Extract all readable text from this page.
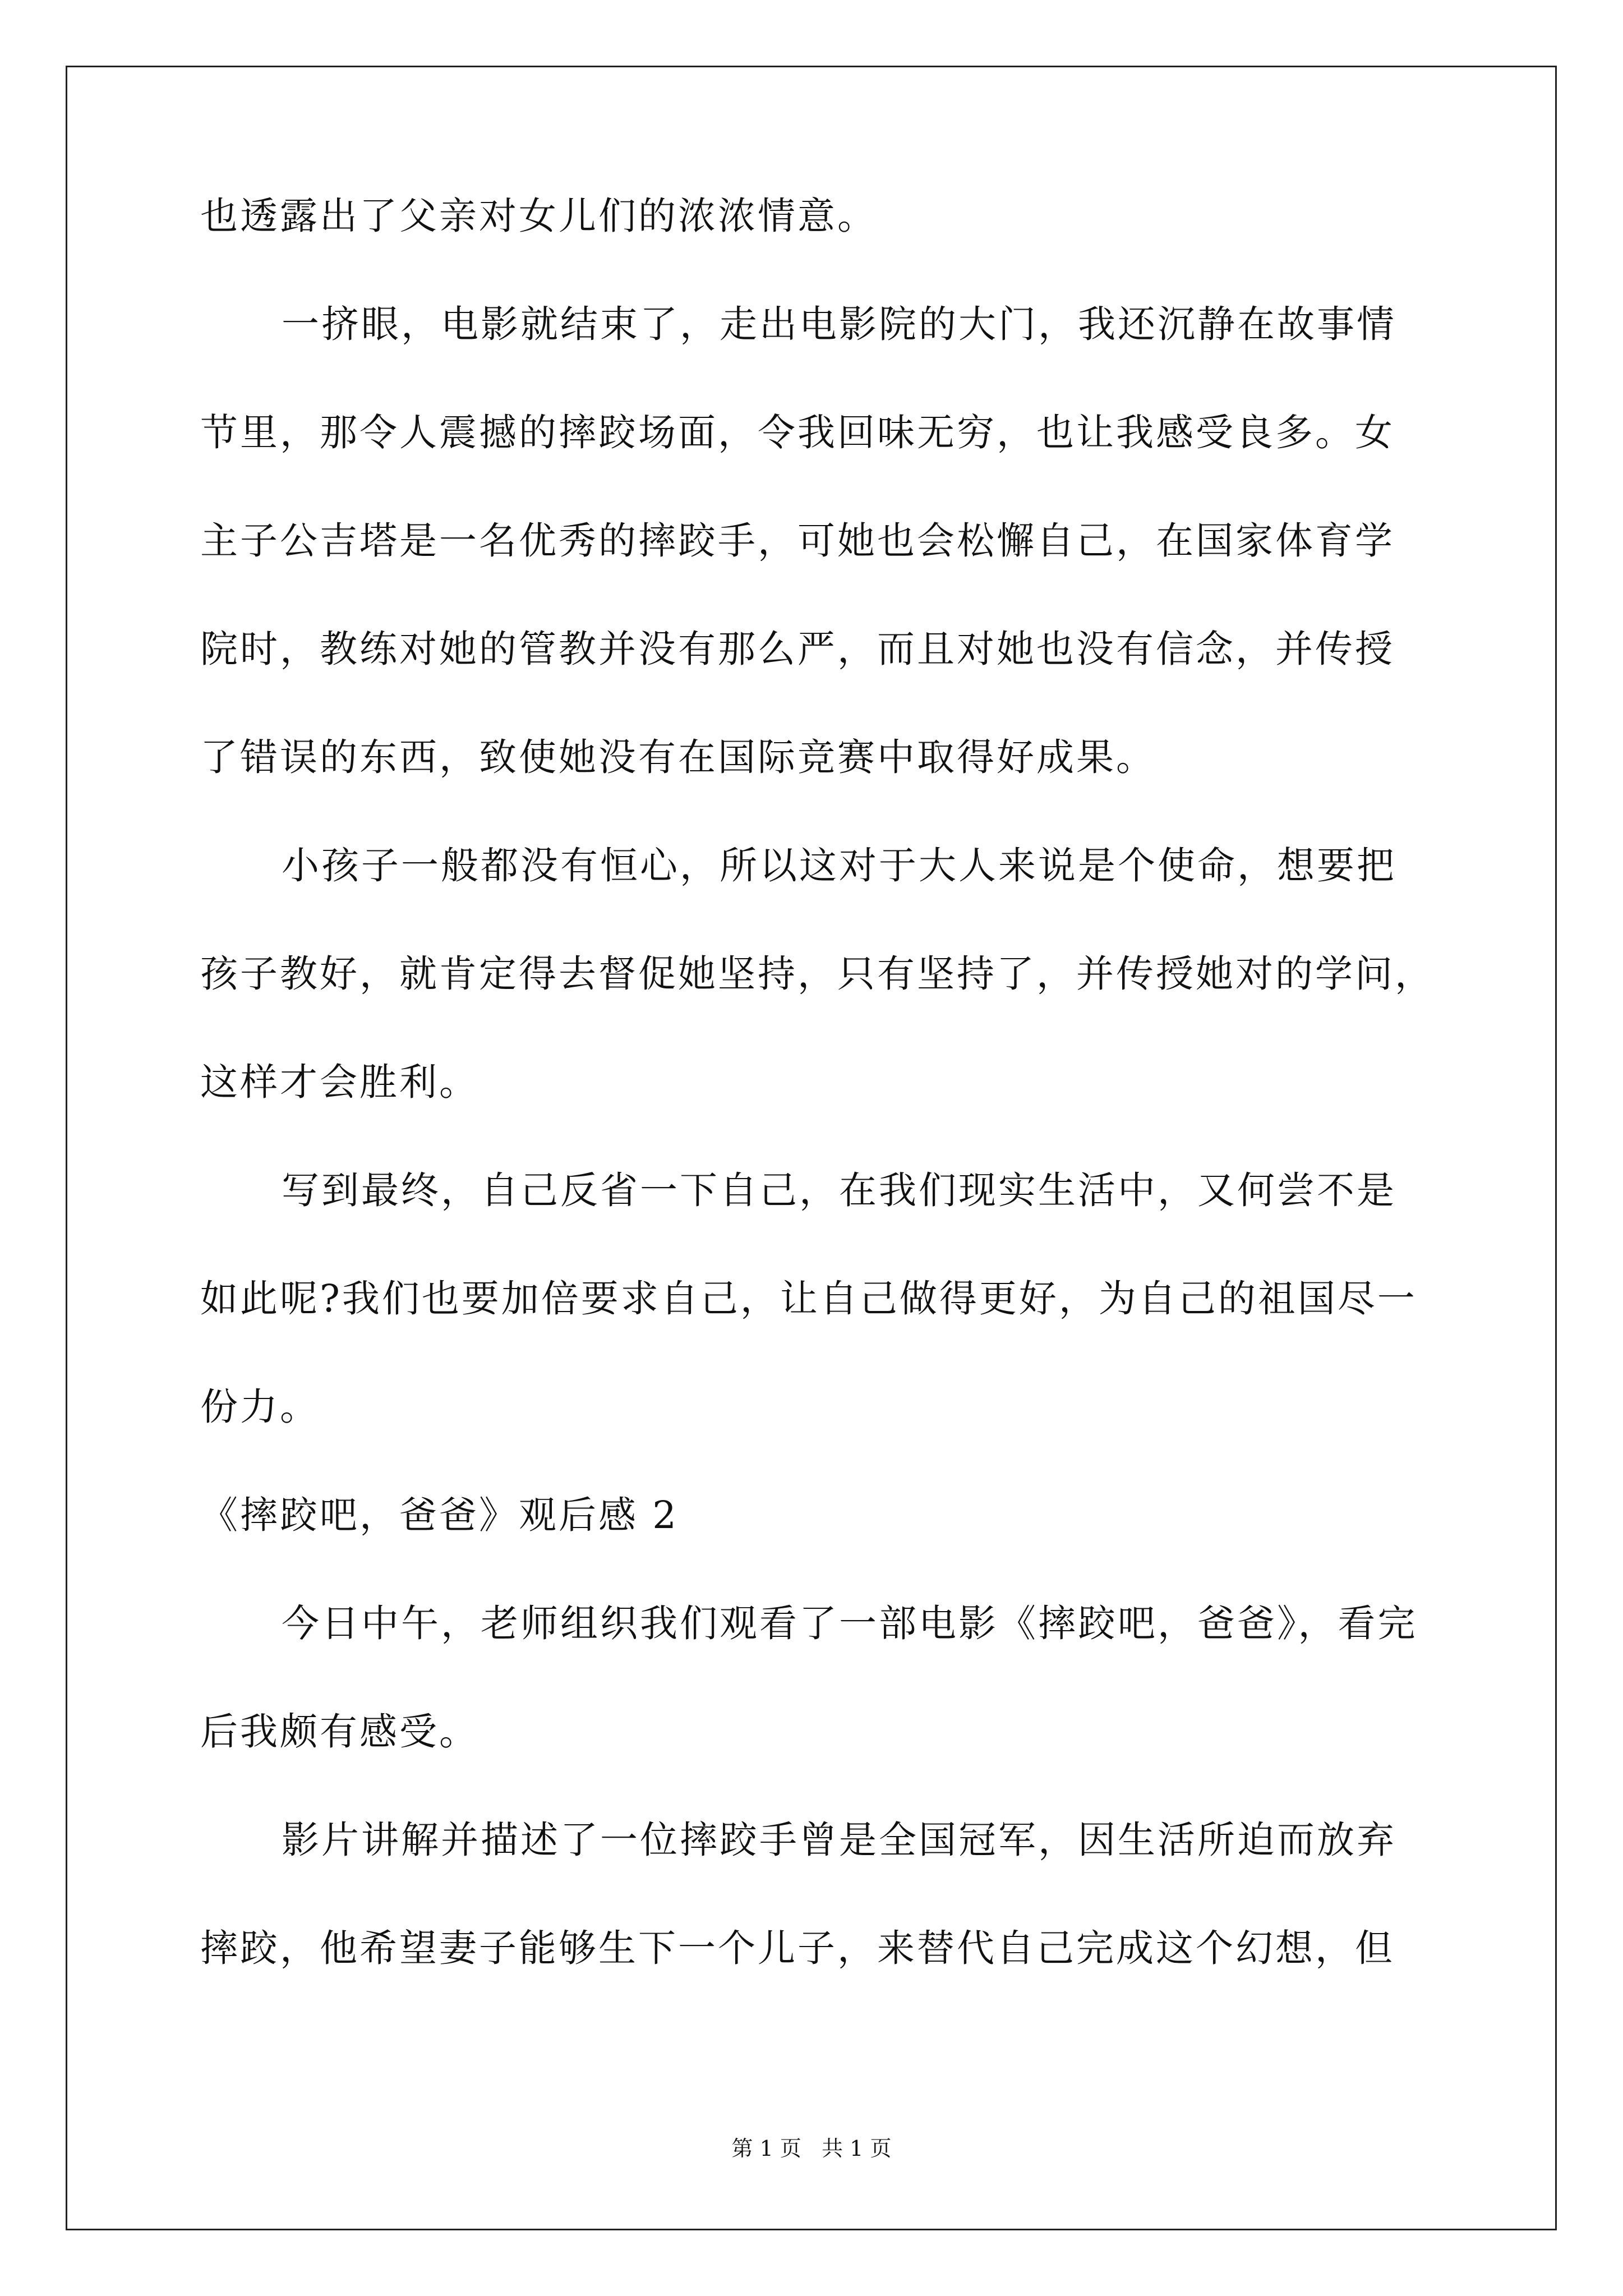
也透露出了父亲对女儿们的浓浓情意。
一挤眼，电影就结束了，走出电影院的大门，我还沉静在故事情
节里，那令人震撼的摔跤场面，令我回味无穷，也让我感受良多。女
主子公吉塔是一名优秀的摔跤手，可她也会松懈自己，在国家体育学
院时，教练对她的管教并没有那么严，而且对她也没有信念，并传授
了错误的东西，致使她没有在国际竞赛中取得好成果。
小孩子一般都没有恒心，所以这对于大人来说是个使命，想要把
孩子教好，就肯定得去督促她坚持，只有坚持了，并传授她对的学问，
这样才会胜利。
写到最终，自己反省一下自己，在我们现实生活中，又何尝不是
如此呢?我们也要加倍要求自己，让自己做得更好，为自己的祖国尽一
份力。
《摔跤吧，爸爸》观后感 2
今日中午，老师组织我们观看了一部电影《摔跤吧，爸爸》，看完
后我颇有感受。
影片讲解并描述了一位摔跤手曾是全国冠军，因生活所迫而放弃
摔跤，他希望妻子能够生下一个儿子，来替代自己完成这个幻想，但
第 1 页   共 1 页
